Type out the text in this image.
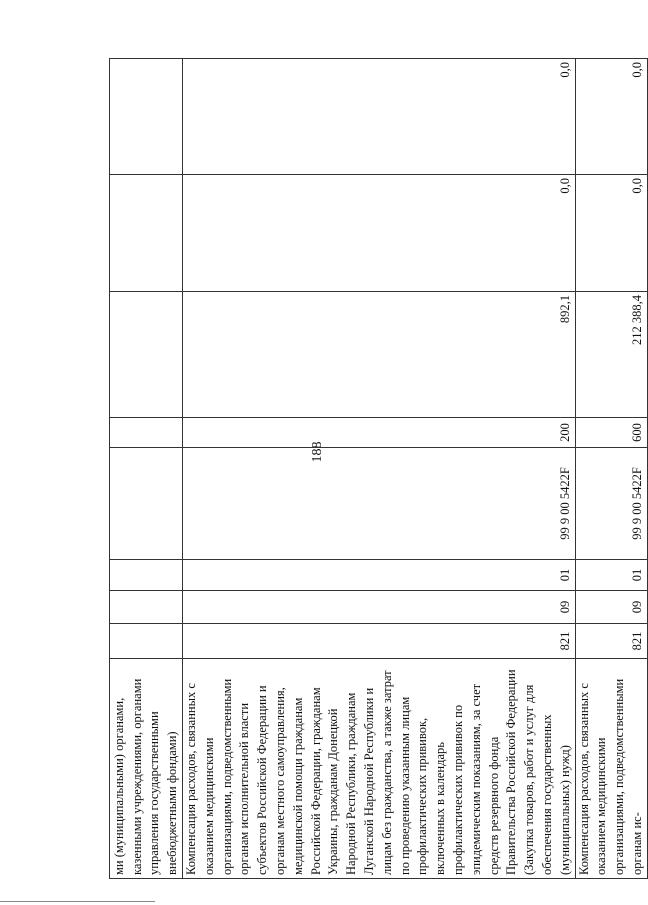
188
ми (муниципальными) органами, казенными учреждениями, органами управления государственными внебюджетными фондами)								
Компенсация расходов, связанных с оказанием медицинскими организациями, подведомственными органам исполнительной власти субъектов Российской Федерации и органам местного самоуправления, медицинской помощи гражданам Российской Федерации, гражданам Украины, гражданам Донецкой Народной Республики, гражданам Луганской Народной Республики и лицам без гражданства, а также затрат по проведению указанным лицам профилактических прививок, включенных в календарь профилактических прививок по эпидемическим показаниям, за счет средств резервного фонда Правительства Российской Федерации (Закупка товаров, работ и услуг для обеспечения государственных (муниципальных) нужд)	821	09	01	99 9 00 5422F	200	892,1	0,0	0,0
Компенсация расходов, связанных с оказанием медицинскими организациями, подведомственными органам ис-	821	09	01	99 9 00 5422F	600	212 388,4	0,0	0,0
